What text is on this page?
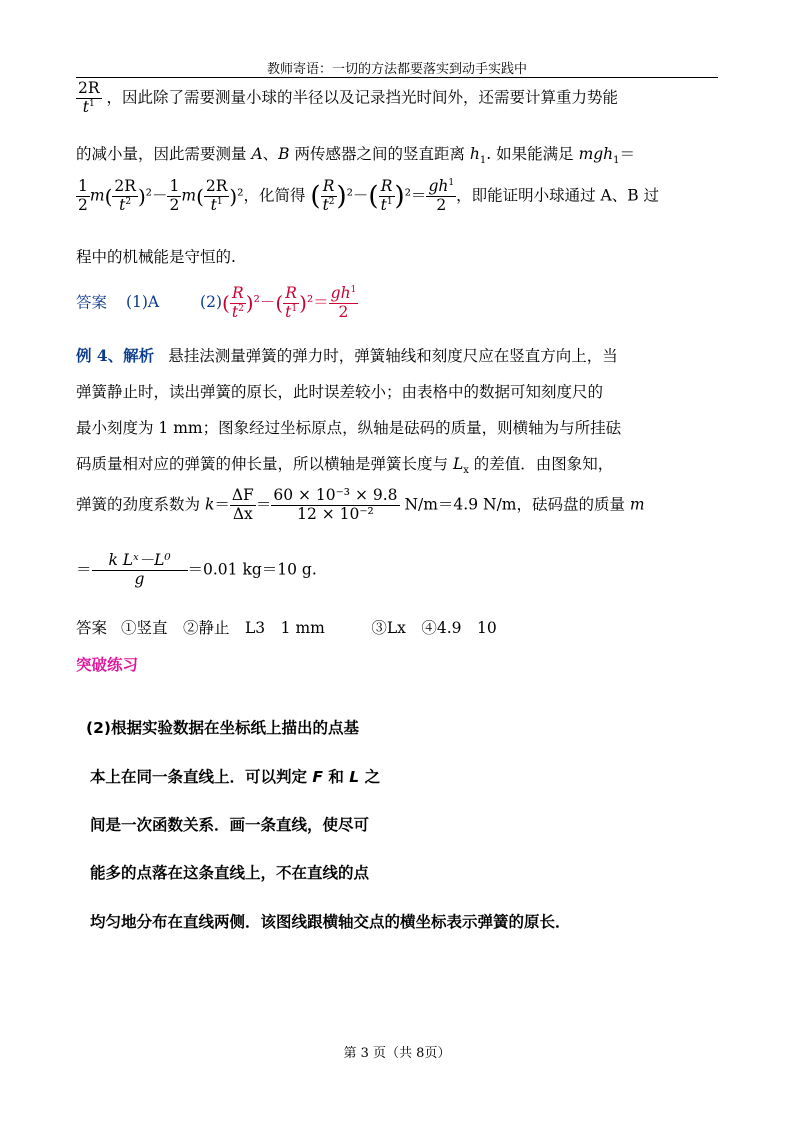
教师寄语：一切的方法都要落实到动手实践中
$\frac{2R}{t^1}$ ，因此除了需要测量小球的半径以及记录挡光时间外，还需要计算重力势能
的减小量，因此需要测量 A、B 两传感器之间的竖直距离 $h_1$. 如果能满足 mgh$_1$＝
$\frac{1}{2} m( \frac{2R}{t^2} )^2- \frac{1}{2} m( \frac{2R}{t^1} )^2$，化简得 ( $\frac{R}{t^2} )^2-( \frac{R}{t^1} )^2= \frac{gh^1}{2}$ ，即能证明小球通过 A、B 过
程中的机械能是守恒的.
答案 (1)A	$(2)( \frac{R}{t^2} )^2-( \frac{R}{t^1} )^2= \frac{gh^1}{2}$
例 4、解析 悬挂法测量弹簧的弹力时，弹簧轴线和刻度尺应在竖直方向上，当
弹簧静止时，读出弹簧的原长，此时误差较小；由表格中的数据可知刻度尺的
最小刻度为 1 mm；图象经过坐标原点，纵轴是砝码的质量，则横轴为与所挂砝
码质量相对应的弹簧的伸长量，所以横轴是弹簧长度与 $L_x$ 的差值．由图象知，
弹簧的劲度系数为 $k= \frac{\Delta F}{\Delta x} = \frac{\text{60 × 10⁻³ × 9.8}}{\text{12 × 10⁻²}} N/m=4.9$ N/m，砝码盘的质量 m
＝ $\frac{\text{k Lˣ－L⁰}}{g} =0.01$ kg＝10 g.
答案 ①竖直　②静止　L3　1 mm　　　③Lx　④4.9　10
突破练习
(2)根据实验数据在坐标纸上描出的点基
本上在同一条直线上．可以判定 F 和 L 之
间是一次函数关系．画一条直线，使尽可
能多的点落在这条直线上，不在直线的点
均匀地分布在直线两侧．该图线跟横轴交点的横坐标表示弹簧的原长．
第 3 页（共 8页）
